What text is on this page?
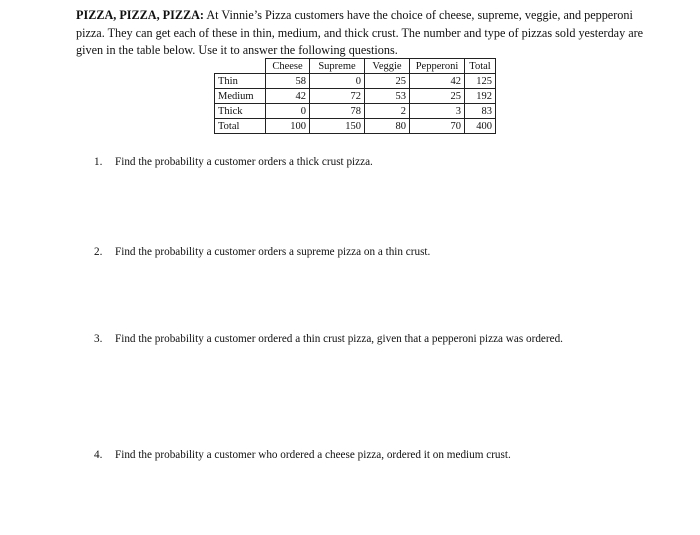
PIZZA, PIZZA, PIZZA: At Vinnie’s Pizza customers have the choice of cheese, supreme, veggie, and pepperoni pizza. They can get each of these in thin, medium, and thick crust. The number and type of pizzas sold yesterday are given in the table below. Use it to answer the following questions.
	Cheese	Supreme	Veggie	Pepperoni	Total
Thin	58	0	25	42	125
Medium	42	72	53	25	192
Thick	0	78	2	3	83
Total	100	150	80	70	400
1. Find the probability a customer orders a thick crust pizza.
2. Find the probability a customer orders a supreme pizza on a thin crust.
3. Find the probability a customer ordered a thin crust pizza, given that a pepperoni pizza was ordered.
4. Find the probability a customer who ordered a cheese pizza, ordered it on medium crust.
